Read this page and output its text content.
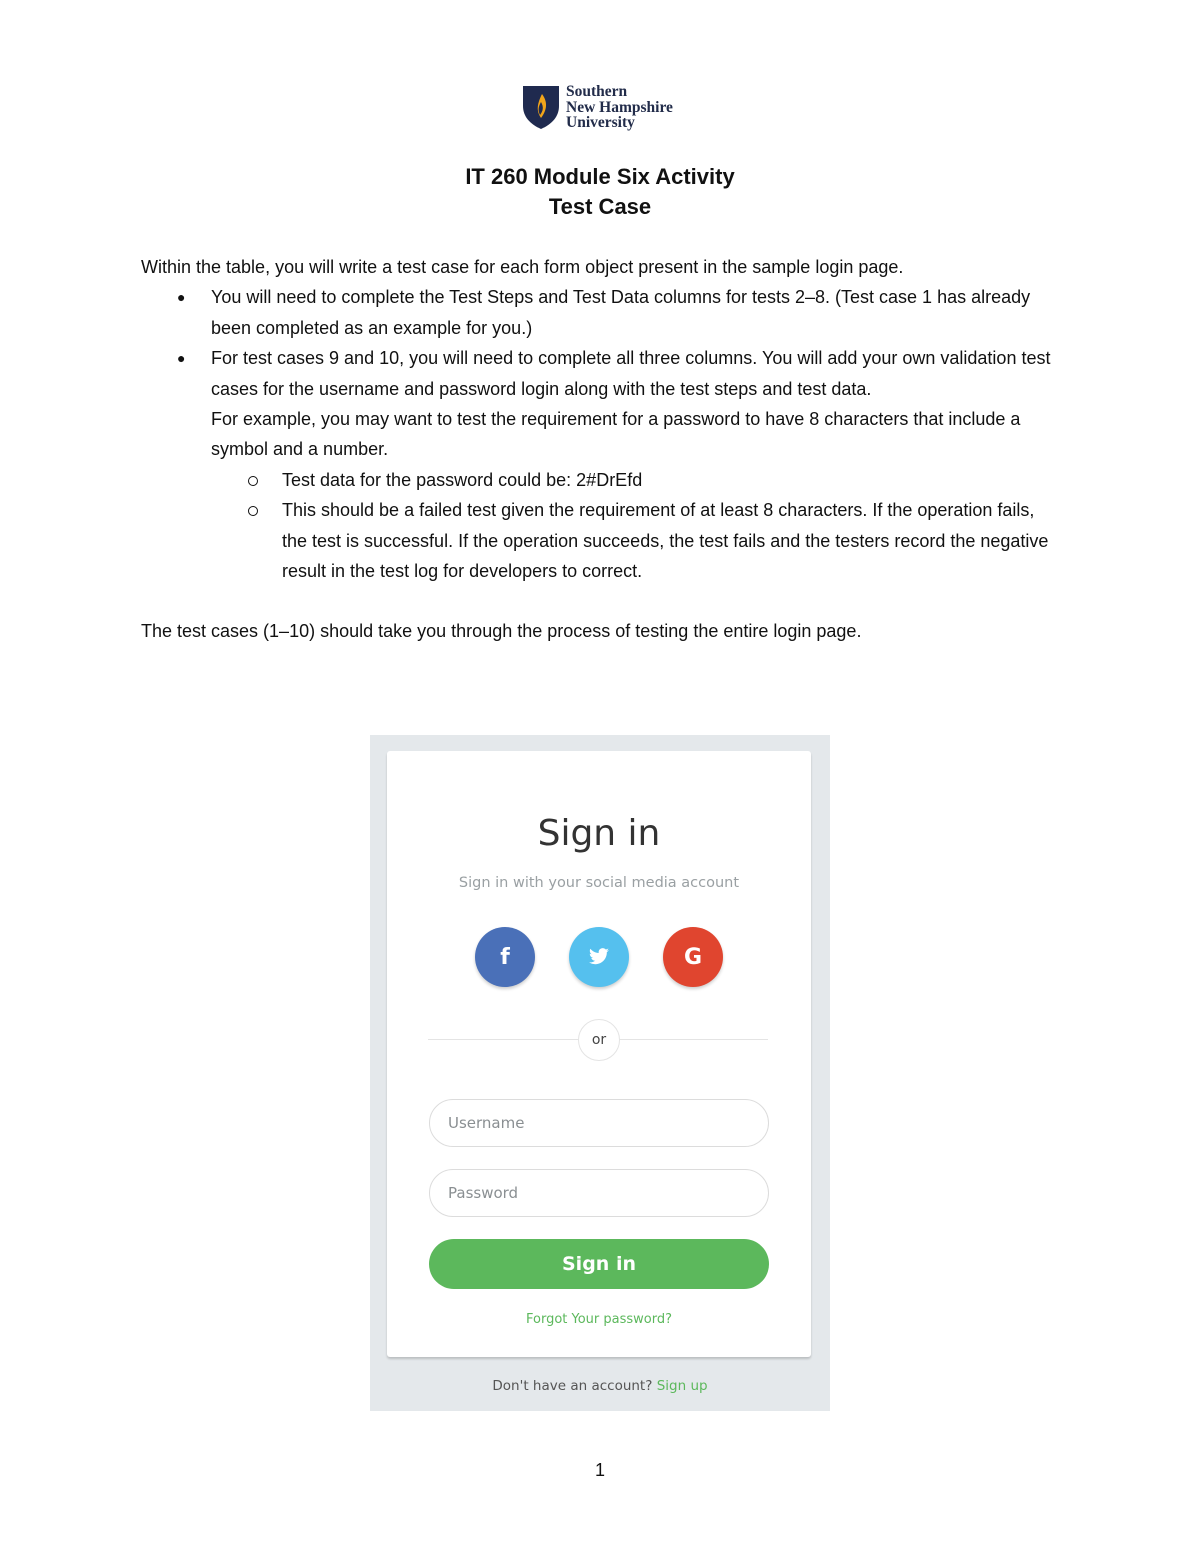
Southern
New Hampshire
University
IT 260 Module Six Activity
Test Case

Within the table, you will write a test case for each form object present in the sample login page.

● You will need to complete the Test Steps and Test Data columns for tests 2–8. (Test case 1 has already been completed as an example for you.)
● For test cases 9 and 10, you will need to complete all three columns. You will add your own validation test cases for the username and password login along with the test steps and test data.
For example, you may want to test the requirement for a password to have 8 characters that include a symbol and a number.
Test data for the password could be: 2#DrEfd
This should be a failed test given the requirement of at least 8 characters. If the operation fails, the test is successful. If the operation succeeds, the test fails and the testers record the negative result in the test log for developers to correct.

The test cases (1–10) should take you through the process of testing the entire login page.

Sign in
Sign in with your social media account
f	G
or
Username
Password
Sign in
Forgot Your password?
Don't have an account? Sign up
1
